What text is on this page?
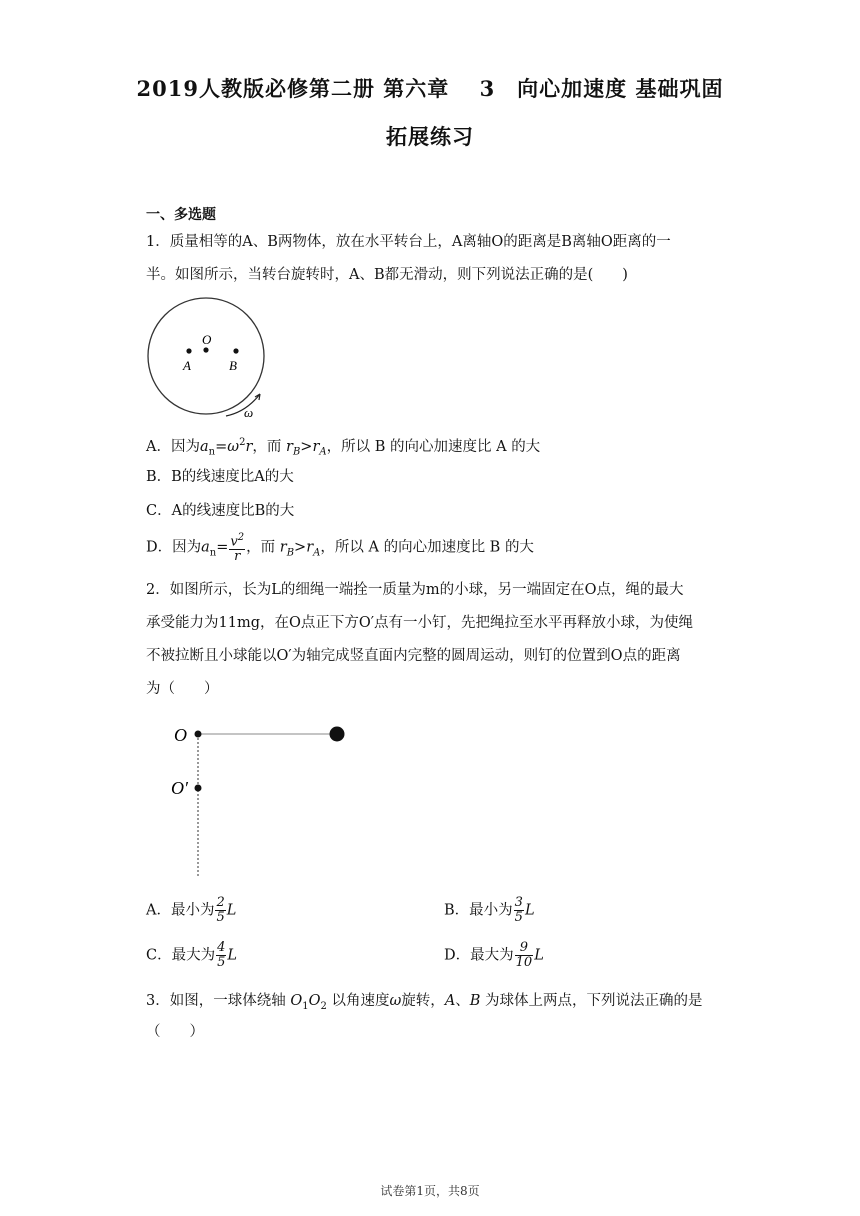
2019人教版必修第二册 第六章　 3　向心加速度 基础巩固
拓展练习
一、多选题
1．质量相等的A、B两物体，放在水平转台上，A离轴O的距离是B离轴O距离的一
半。如图所示，当转台旋转时，A、B都无滑动，则下列说法正确的是(　　)
O
A	B
ω
A．因为$a_n=\omega^2r$，而 $r_B>r_A$，所以 B 的向心加速度比 A 的大
B．B的线速度比A的大
C．A的线速度比B的大
D．因为$a_n= \frac{v^2}{r}$ ，而 $r_B>r_A$，所以 A 的向心加速度比 B 的大
2．如图所示，长为L的细绳一端拴一质量为m的小球，另一端固定在O点，绳的最大
承受能力为11mg，在O点正下方O′点有一小钉，先把绳拉至水平再释放小球，为使绳
不被拉断且小球能以O′为轴完成竖直面内完整的圆周运动，则钉的位置到O点的距离
为（　　）
O
O′
A．最小为 $\frac{2}{5}$ L	B．最小为 $\frac{3}{5}$ L
C．最大为 $\frac{4}{5}$ L	D．最大为 $\frac{9}{10}$ L
3．如图，一球体绕轴 $O_1O_2$ 以角速度ω旋转，A、B 为球体上两点，下列说法正确的是
（　　）
试卷第1页，共8页
